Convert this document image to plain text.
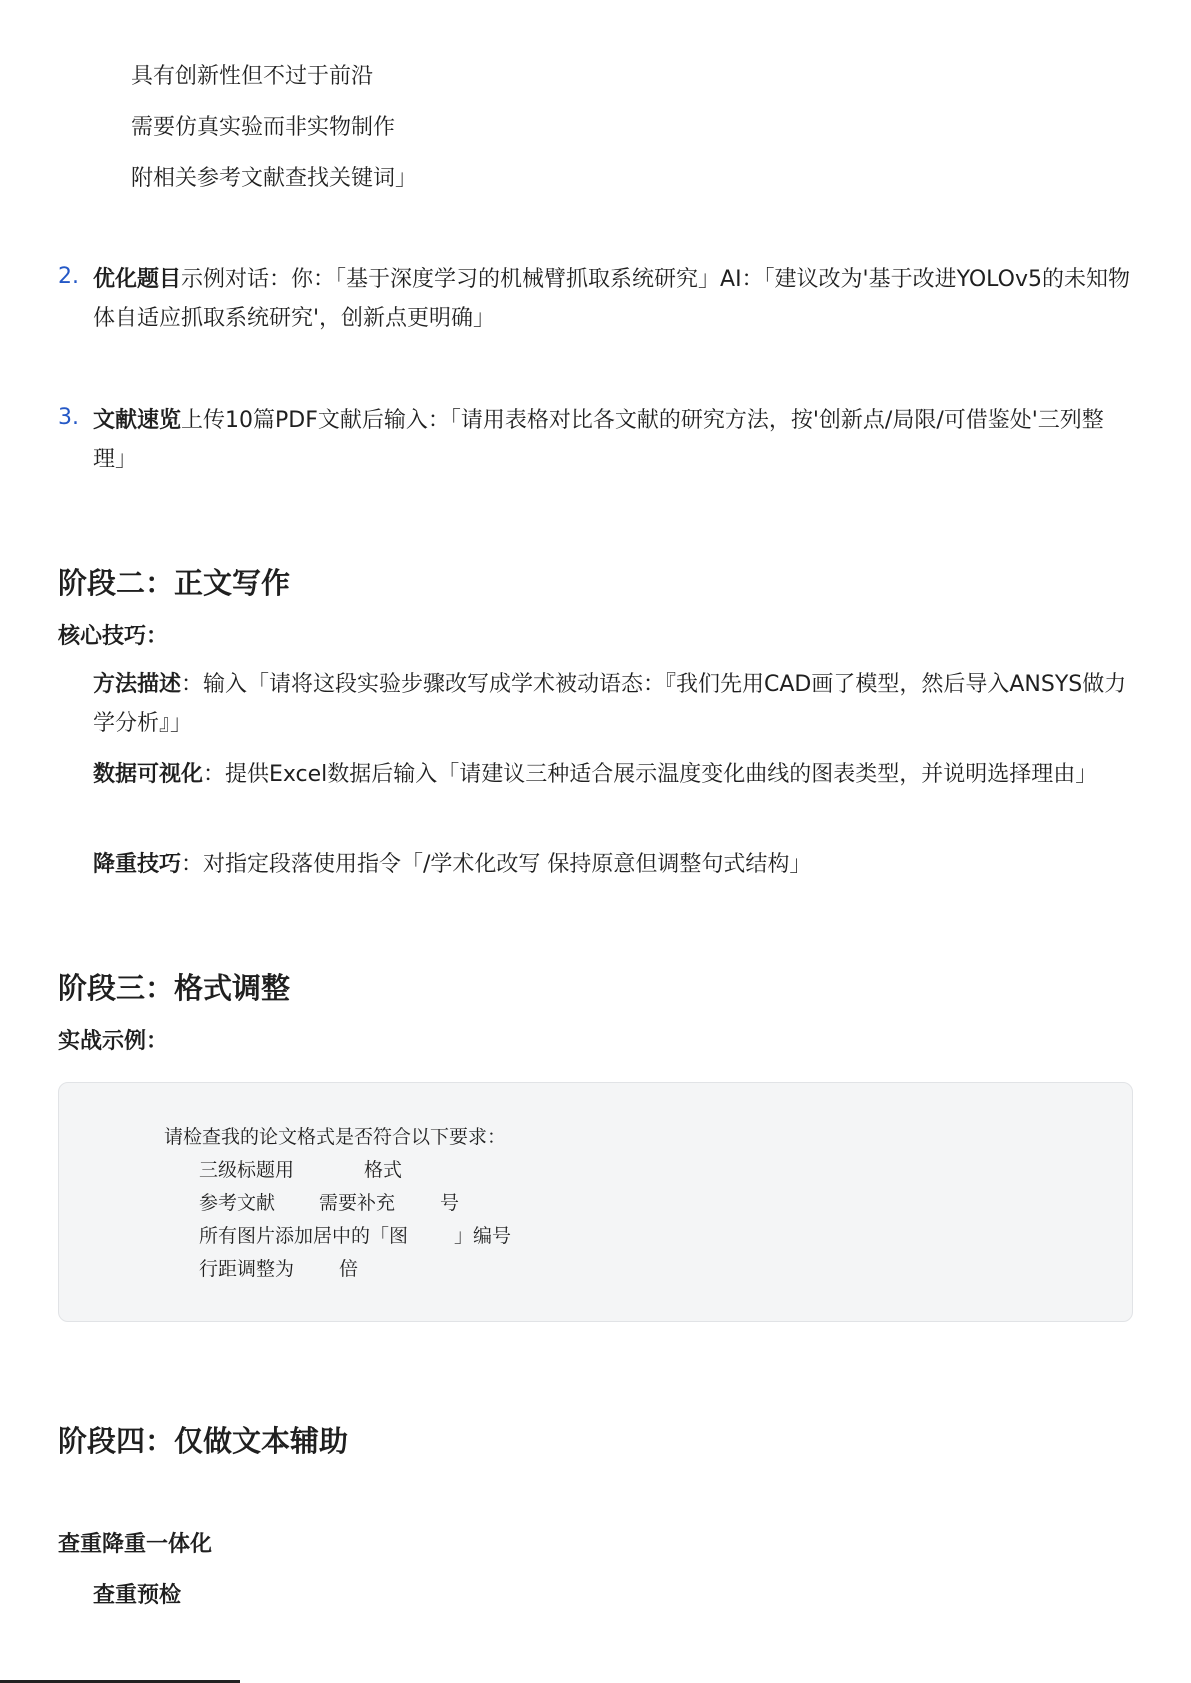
具有创新性但不过于前沿
需要仿真实验而非实物制作
附相关参考文献查找关键词」
2. 优化题目示例对话：你：「基于深度学习的机械臂抓取系统研究」AI：「建议改为'基于改进YOLOv5的未知物体自适应抓取系统研究'，创新点更明确」
3. 文献速览上传10篇PDF文献后输入：「请用表格对比各文献的研究方法，按'创新点/局限/可借鉴处'三列整理」
阶段二：正文写作
核心技巧：
方法描述：输入「请将这段实验步骤改写成学术被动语态：『我们先用CAD画了模型，然后导入ANSYS做力学分析』」
数据可视化：提供Excel数据后输入「请建议三种适合展示温度变化曲线的图表类型，并说明选择理由」
降重技巧：对指定段落使用指令「/学术化改写 保持原意但调整句式结构」
阶段三：格式调整
实战示例：
请检查我的论文格式是否符合以下要求：
三级标题用	格式
参考文献 需要补充 号
所有图片添加居中的「图 」编号
行距调整为 倍
阶段四：仅做文本辅助
查重降重一体化
查重预检
